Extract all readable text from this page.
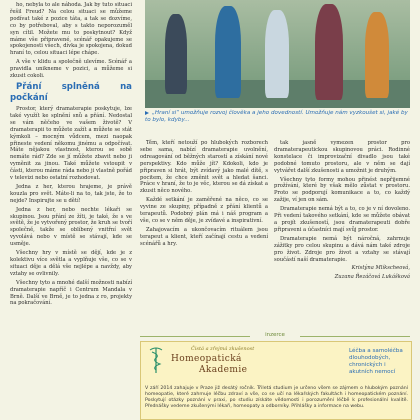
ho, nebyla to ale náhoda. Jak by tuto situaci řešil Freud? Na celou situaci se můžeme podívat také z pozice táta, a tak se dozvíme, co by potřeboval, aby s takto neporozuměl syn cítil. Možete mu to poskytnout? Když máme vše připravené, scénář opakujeme se spokojenosti všech, dívka je spokojena, dokud hraní to, celou situaci lépe chápe.

A vše v klidu a společně ulevíme. Scénář a pravidla unikneme v pozici, a můžeme si zkusit cokoli.

Přání splněná na počkání

Prostor, který dramaterapie poskytuje, lze také využít ke splnění snů a přání. Nedostal se vám něčeho ve vašem životě? V dramaterapii to můžete zažít a můžete se stát kýmkoli – mocným vůdcem, mezi naopak přineste vedení někomu jinému a odpočívat. Máte nějakou vlastnost, kterou se sobě nemáte rád? Zde se jí můžete zbavit nebo ji vyměnit za jinou. Také můžete vstoupit v části, kterou máme ráda nebo ji vlastně pořád v televizi nebo ostatní rozhodovat.

Jedna z her, kterou hrajeme, je právě kouzla pro svět. Máte-li na to, tak jste, že to nejde? Inspirujte se u dětí!

Jedna z her, nebo nechte lékaři se skupinou. Jsou přání ze žíti, je také, že s ve světě, že je vytvořený prostor, že kruh se tvoří společně, takže se oblíbený vnitřní svět vyvolává nebo v místě se stávají, kde se usměje.

Všechny hry v místě se dějí, kde je z kolektivu více světla a vyplňuje vše, co se v situaci děje a dělá vše nejlépe a navždy, aby vztahy se ovlivnily.

Všechny tyto a mnohé další možnosti nabízí dramaterapie napříč i Centrum Mandala v Brně. Další ve Brně, je to jedna z ro, projekty na pokračování.

„Hraní si“ umožňuje rozvoj člověka a jeho dovedností. Umožňuje nám vyzkoušet si, jaké by to bylo, kdyby...

Těm, kteří netouží po hlubokých rozborech sebe sama, nabízí dramaterapie uvolnění, odreagování od běžných starostí a získání nové perspektivy. Kdo může jít? Kdokoli, kdo je připraven si hrát, být zvídavý jako malé dítě, s pocitem, že chce změnit svět a hledat šanci. Práce v hraní, že to je věc, kterou se dá získat a zkusit něco nového.

Každé setkání je zaměřené na něco, co se vyvine ze skupiny, případně z přání klientů a terapeutů. Podobný plán má i náš program a vše, co se v něm děje, je zvídavé a inspirativní.

Zahajovacím a ukončovacím rituálem jsou terapeut a klient, kteří začínají cestu a vedení scénářů a hry.

tak jasně vymezen prostor pro dramaterapeutickou skupinovou práci. Rodinné konstelace či improvizační divadlo jsou také podobné tomuto prostoru, ale v něm se dají vytvářet další zkušenosti a umožnit je druhým.

Všechny tyto formy mohou přinést nepřijemné prožívání, které by však mělo zůstat v prostoru. Proto se podporují komunikace a to, co každý zažije, ví jen on sám.

Dramaterapie nemá být a to, co je v ní dovoleno. Při vedení takového setkání, kde se můžete obávat a projít zkušeností, jsou dramaterapeuti dobře připraveni a účastníci mají svůj prostor.

Dramaterapie nemá být náročná, zahrnuje zážitky pro celou skupinu a dává nám také zdroje pro život. Zdroje pro život a vztahy se stávají součástí naší dramaterapie.

Kristýna Mlíkscheová,

Zuzana Řezáčová Lukášková

inzerce
Čistá a zřejmá zkušenost
Homeopatická
Akademie
Léčba a samoléčba dlouhodobých, chronických i akutních nemocí
V září 2014 zahajuje v Praze již desátý ročník. Třiletá studium je určeno všem se zájmem o hlubokým poznání homeopatie, které zahrnuje léčbu zdraví a vše, co se učí na lékařských fakultách i homeopatickém poznání. Poskytují otázky poznání v praxi, po studiu získáte vědomosti i porozumění léčbě k profesionální kvalitě. Přednášky vedeme zkušenými lékaři, homeopaty a odborníky. Přihlášky a informace na webu.
